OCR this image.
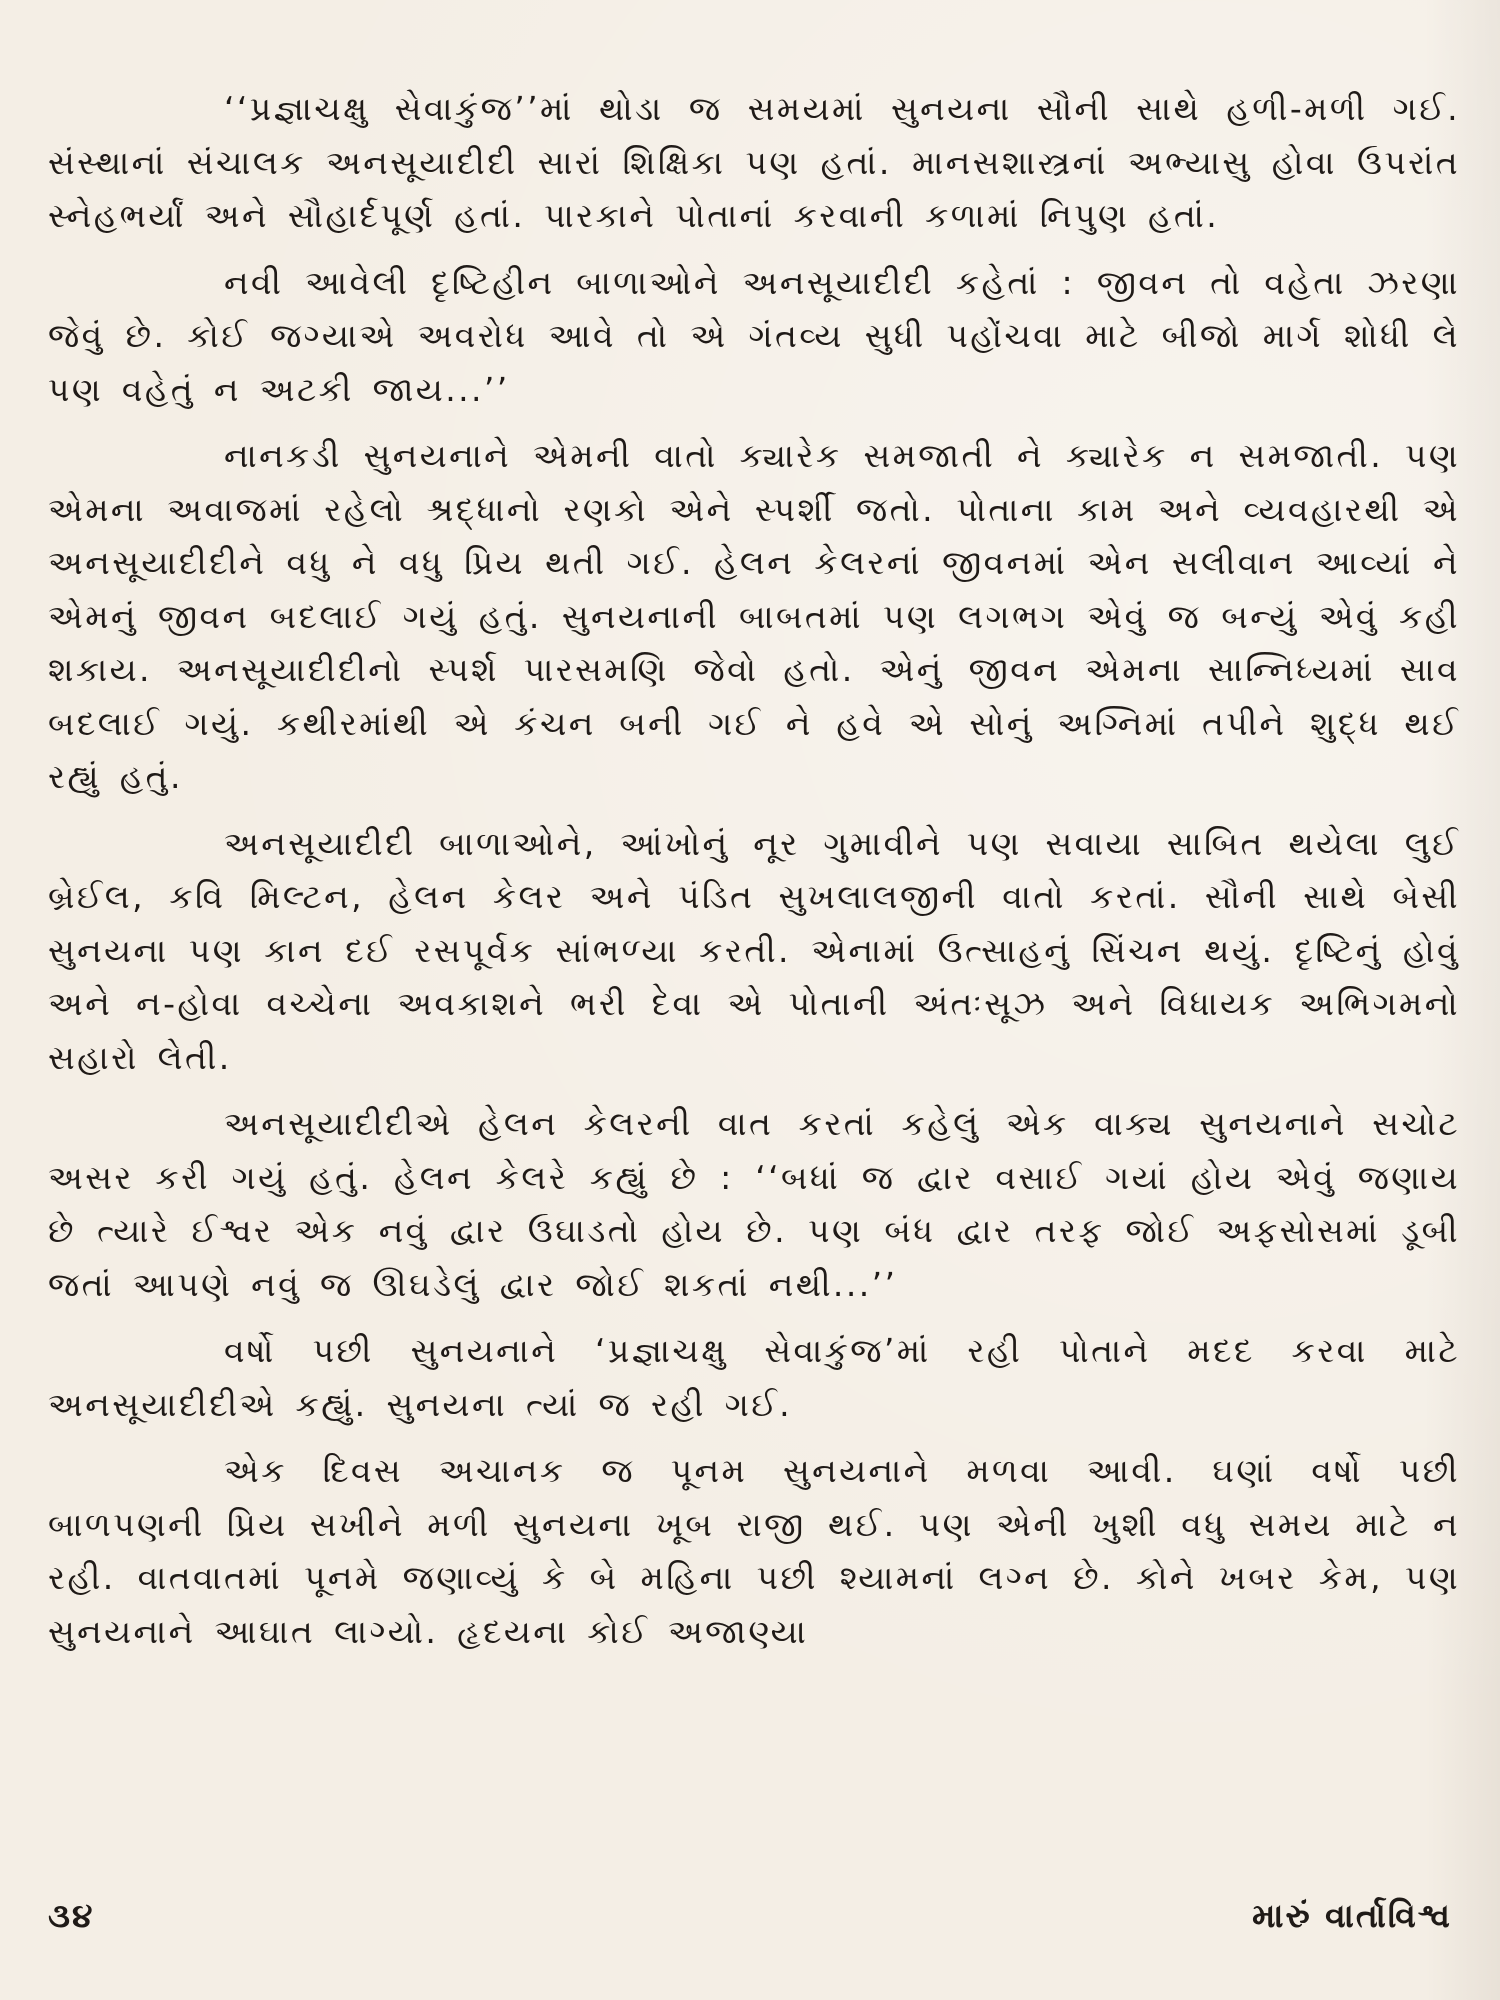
‘‘પ્રજ્ઞાચક્ષુ સેવાકુંજ’’માં થોડા જ સમયમાં સુનયના સૌની સાથે હળી-મળી ગઈ. સંસ્થાનાં સંચાલક અનસૂયાદીદી સારાં શિક્ષિકા પણ હતાં. માનસશાસ્ત્રનાં અભ્યાસુ હોવા ઉપરાંત સ્નેહભર્યાં અને સૌહાર્દપૂર્ણ હતાં. પારકાને પોતાનાં કરવાની કળામાં નિપુણ હતાં.

નવી આવેલી દૃષ્ટિહીન બાળાઓને અનસૂયાદીદી કહેતાં : જીવન તો વહેતા ઝરણા જેવું છે. કોઈ જગ્યાએ અવરોધ આવે તો એ ગંતવ્ય સુધી પહોંચવા માટે બીજો માર્ગ શોધી લે પણ વહેતું ન અટકી જાય...’’

નાનકડી સુનયનાને એમની વાતો ક્યારેક સમજાતી ને ક્યારેક ન સમજાતી. પણ એમના અવાજમાં રહેલો શ્રદ્ધાનો રણકો એને સ્પર્શી જતો. પોતાના કામ અને વ્યવહારથી એ અનસૂયાદીદીને વધુ ને વધુ પ્રિય થતી ગઈ. હેલન કેલરનાં જીવનમાં એન સલીવાન આવ્યાં ને એમનું જીવન બદલાઈ ગયું હતું. સુનયનાની બાબતમાં પણ લગભગ એવું જ બન્યું એવું કહી શકાય. અનસૂયાદીદીનો સ્પર્શ પારસમણિ જેવો હતો. એનું જીવન એમના સાન્નિધ્યમાં સાવ બદલાઈ ગયું. કથીરમાંથી એ કંચન બની ગઈ ને હવે એ સોનું અગ્નિમાં તપીને શુદ્ધ થઈ રહ્યું હતું.

અનસૂયાદીદી બાળાઓને, આંખોનું નૂર ગુમાવીને પણ સવાયા સાબિત થયેલા લુઈ બ્રેઈલ, કવિ મિલ્ટન, હેલન કેલર અને પંડિત સુખલાલજીની વાતો કરતાં. સૌની સાથે બેસી સુનયના પણ કાન દઈ રસપૂર્વક સાંભળ્યા કરતી. એનામાં ઉત્સાહનું સિંચન થયું. દૃષ્ટિનું હોવું અને ન-હોવા વચ્ચેના અવકાશને ભરી દેવા એ પોતાની અંતઃસૂઝ અને વિધાયક અભિગમનો સહારો લેતી.

અનસૂયાદીદીએ હેલન કેલરની વાત કરતાં કહેલું એક વાક્ય સુનયનાને સચોટ અસર કરી ગયું હતું. હેલન કેલરે કહ્યું છે : ‘‘બધાં જ દ્વાર વસાઈ ગયાં હોય એવું જણાય છે ત્યારે ઈશ્વર એક નવું દ્વાર ઉઘાડતો હોય છે. પણ બંધ દ્વાર તરફ જોઈ અફસોસમાં ડૂબી જતાં આપણે નવું જ ઊઘડેલું દ્વાર જોઈ શકતાં નથી...’’

વર્ષો પછી સુનયનાને ‘પ્રજ્ઞાચક્ષુ સેવાકુંજ’માં રહી પોતાને મદદ કરવા માટે અનસૂયાદીદીએ કહ્યું. સુનયના ત્યાં જ રહી ગઈ.

એક દિવસ અચાનક જ પૂનમ સુનયનાને મળવા આવી. ઘણાં વર્ષો પછી બાળપણની પ્રિય સખીને મળી સુનયના ખૂબ રાજી થઈ. પણ એની ખુશી વધુ સમય માટે ન રહી. વાતવાતમાં પૂનમે જણાવ્યું કે બે મહિના પછી શ્યામનાં લગ્ન છે. કોને ખબર કેમ, પણ સુનયનાને આઘાત લાગ્યો. હૃદયના કોઈ અજાણ્યા

૩૪	મારું વાર્તાવિશ્વ
